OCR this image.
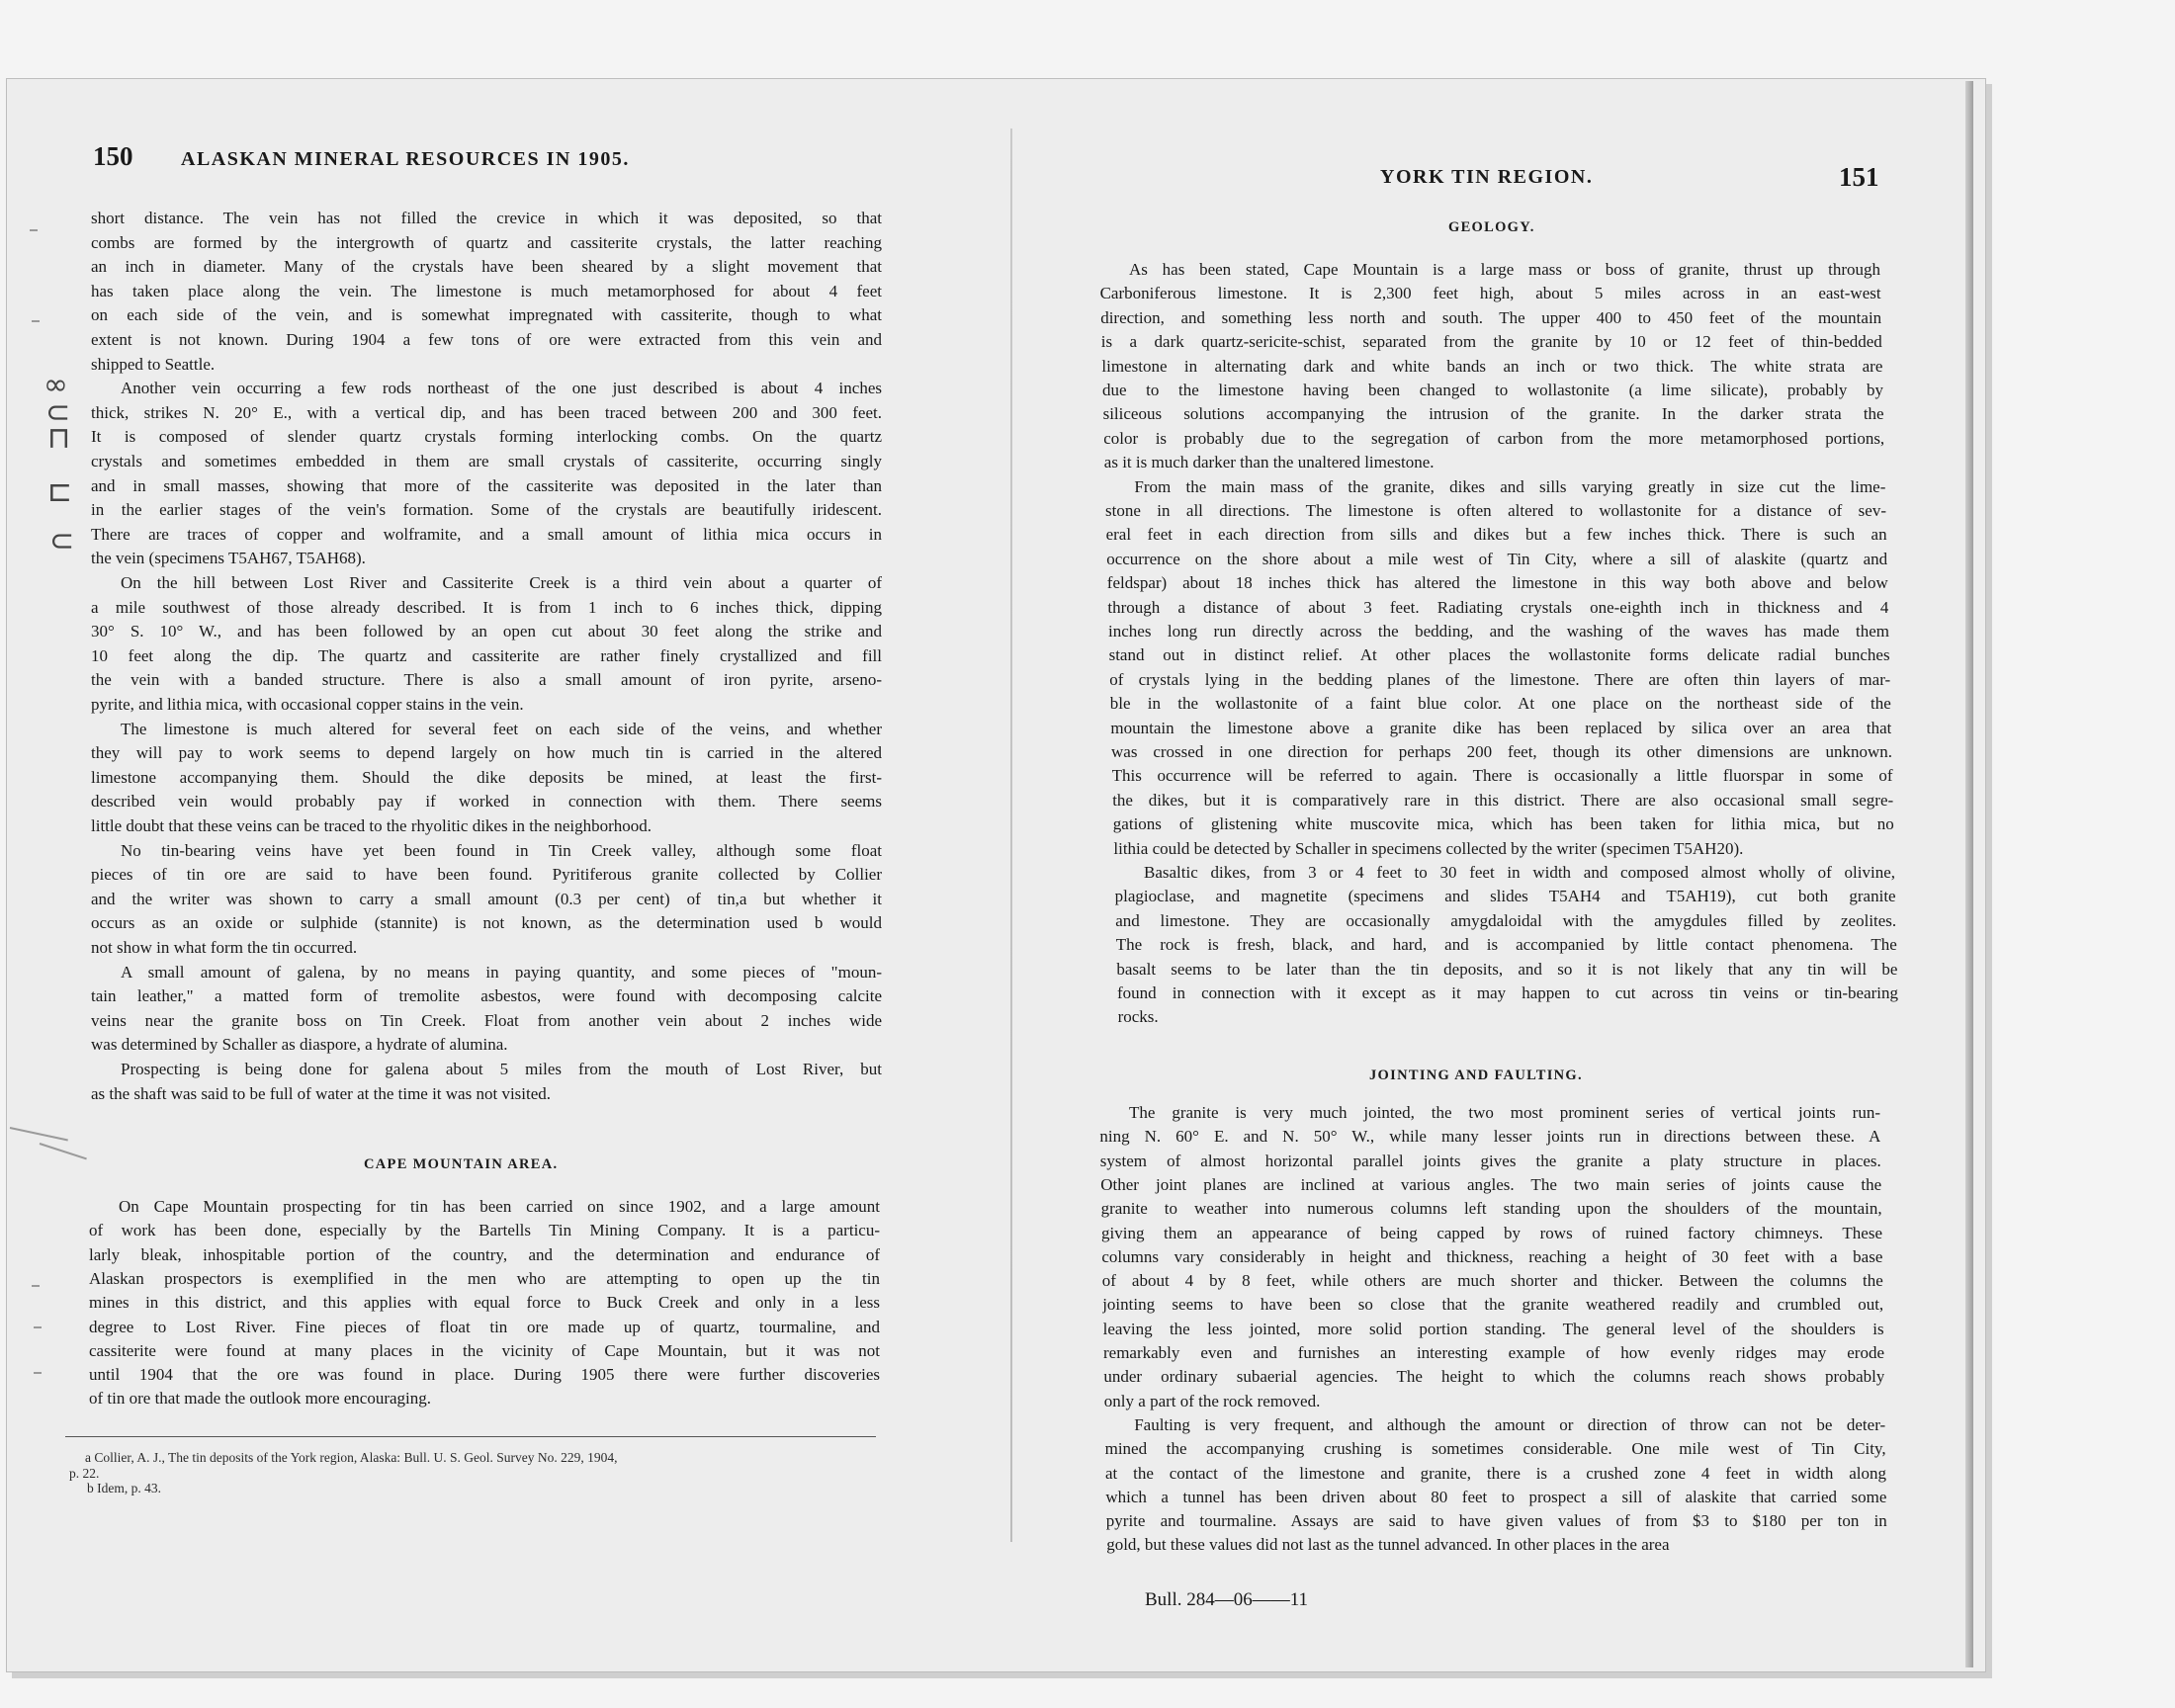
150 ALASKAN MINERAL RESOURCES IN 1905.
short distance. The vein has not filled the crevice in which it was deposited, so that
combs are formed by the intergrowth of quartz and cassiterite crystals, the latter reaching
an inch in diameter. Many of the crystals have been sheared by a slight movement that
has taken place along the vein. The limestone is much metamorphosed for about 4 feet
on each side of the vein, and is somewhat impregnated with cassiterite, though to what
extent is not known. During 1904 a few tons of ore were extracted from this vein and
shipped to Seattle.
Another vein occurring a few rods northeast of the one just described is about 4 inches
thick, strikes N. 20° E., with a vertical dip, and has been traced between 200 and 300 feet.
It is composed of slender quartz crystals forming interlocking combs. On the quartz
crystals and sometimes embedded in them are small crystals of cassiterite, occurring singly
and in small masses, showing that more of the cassiterite was deposited in the later than
in the earlier stages of the vein's formation. Some of the crystals are beautifully iridescent.
There are traces of copper and wolframite, and a small amount of lithia mica occurs in
the vein (specimens T5AH67, T5AH68).
On the hill between Lost River and Cassiterite Creek is a third vein about a quarter of
a mile southwest of those already described. It is from 1 inch to 6 inches thick, dipping
30° S. 10° W., and has been followed by an open cut about 30 feet along the strike and
10 feet along the dip. The quartz and cassiterite are rather finely crystallized and fill
the vein with a banded structure. There is also a small amount of iron pyrite, arseno-
pyrite, and lithia mica, with occasional copper stains in the vein.
The limestone is much altered for several feet on each side of the veins, and whether
they will pay to work seems to depend largely on how much tin is carried in the altered
limestone accompanying them. Should the dike deposits be mined, at least the first-
described vein would probably pay if worked in connection with them. There seems
little doubt that these veins can be traced to the rhyolitic dikes in the neighborhood.
No tin-bearing veins have yet been found in Tin Creek valley, although some float
pieces of tin ore are said to have been found. Pyritiferous granite collected by Collier
and the writer was shown to carry a small amount (0.3 per cent) of tin,a but whether it
occurs as an oxide or sulphide (stannite) is not known, as the determination used b would
not show in what form the tin occurred.
A small amount of galena, by no means in paying quantity, and some pieces of "moun-
tain leather," a matted form of tremolite asbestos, were found with decomposing calcite
veins near the granite boss on Tin Creek. Float from another vein about 2 inches wide
was determined by Schaller as diaspore, a hydrate of alumina.
Prospecting is being done for galena about 5 miles from the mouth of Lost River, but
as the shaft was said to be full of water at the time it was not visited.
CAPE MOUNTAIN AREA.
On Cape Mountain prospecting for tin has been carried on since 1902, and a large amount
of work has been done, especially by the Bartells Tin Mining Company. It is a particu-
larly bleak, inhospitable portion of the country, and the determination and endurance of
Alaskan prospectors is exemplified in the men who are attempting to open up the tin
mines in this district, and this applies with equal force to Buck Creek and only in a less
degree to Lost River. Fine pieces of float tin ore made up of quartz, tourmaline, and
cassiterite were found at many places in the vicinity of Cape Mountain, but it was not
until 1904 that the ore was found in place. During 1905 there were further discoveries
of tin ore that made the outlook more encouraging.
a Collier, A. J., The tin deposits of the York region, Alaska: Bull. U. S. Geol. Survey No. 229, 1904,
p. 22.
b Idem, p. 43.
YORK TIN REGION.	151
GEOLOGY.
As has been stated, Cape Mountain is a large mass or boss of granite, thrust up through
Carboniferous limestone. It is 2,300 feet high, about 5 miles across in an east-west
direction, and something less north and south. The upper 400 to 450 feet of the mountain
is a dark quartz-sericite-schist, separated from the granite by 10 or 12 feet of thin-bedded
limestone in alternating dark and white bands an inch or two thick. The white strata are
due to the limestone having been changed to wollastonite (a lime silicate), probably by
siliceous solutions accompanying the intrusion of the granite. In the darker strata the
color is probably due to the segregation of carbon from the more metamorphosed portions,
as it is much darker than the unaltered limestone.
From the main mass of the granite, dikes and sills varying greatly in size cut the lime-
stone in all directions. The limestone is often altered to wollastonite for a distance of sev-
eral feet in each direction from sills and dikes but a few inches thick. There is such an
occurrence on the shore about a mile west of Tin City, where a sill of alaskite (quartz and
feldspar) about 18 inches thick has altered the limestone in this way both above and below
through a distance of about 3 feet. Radiating crystals one-eighth inch in thickness and 4
inches long run directly across the bedding, and the washing of the waves has made them
stand out in distinct relief. At other places the wollastonite forms delicate radial bunches
of crystals lying in the bedding planes of the limestone. There are often thin layers of mar-
ble in the wollastonite of a faint blue color. At one place on the northeast side of the
mountain the limestone above a granite dike has been replaced by silica over an area that
was crossed in one direction for perhaps 200 feet, though its other dimensions are unknown.
This occurrence will be referred to again. There is occasionally a little fluorspar in some of
the dikes, but it is comparatively rare in this district. There are also occasional small segre-
gations of glistening white muscovite mica, which has been taken for lithia mica, but no
lithia could be detected by Schaller in specimens collected by the writer (specimen T5AH20).
Basaltic dikes, from 3 or 4 feet to 30 feet in width and composed almost wholly of olivine,
plagioclase, and magnetite (specimens and slides T5AH4 and T5AH19), cut both granite
and limestone. They are occasionally amygdaloidal with the amygdules filled by zeolites.
The rock is fresh, black, and hard, and is accompanied by little contact phenomena. The
basalt seems to be later than the tin deposits, and so it is not likely that any tin will be
found in connection with it except as it may happen to cut across tin veins or tin-bearing
rocks.
JOINTING AND FAULTING.
The granite is very much jointed, the two most prominent series of vertical joints run-
ning N. 60° E. and N. 50° W., while many lesser joints run in directions between these. A
system of almost horizontal parallel joints gives the granite a platy structure in places.
Other joint planes are inclined at various angles. The two main series of joints cause the
granite to weather into numerous columns left standing upon the shoulders of the mountain,
giving them an appearance of being capped by rows of ruined factory chimneys. These
columns vary considerably in height and thickness, reaching a height of 30 feet with a base
of about 4 by 8 feet, while others are much shorter and thicker. Between the columns the
jointing seems to have been so close that the granite weathered readily and crumbled out,
leaving the less jointed, more solid portion standing. The general level of the shoulders is
remarkably even and furnishes an interesting example of how evenly ridges may erode
under ordinary subaerial agencies. The height to which the columns reach shows probably
only a part of the rock removed.
Faulting is very frequent, and although the amount or direction of throw can not be deter-
mined the accompanying crushing is sometimes considerable. One mile west of Tin City,
at the contact of the limestone and granite, there is a crushed zone 4 feet in width along
which a tunnel has been driven about 80 feet to prospect a sill of alaskite that carried some
pyrite and tourmaline. Assays are said to have given values of from $3 to $180 per ton in
gold, but these values did not last as the tunnel advanced. In other places in the area
Bull. 284—06——11
∞
⊂
⊓
⊏
⊂
